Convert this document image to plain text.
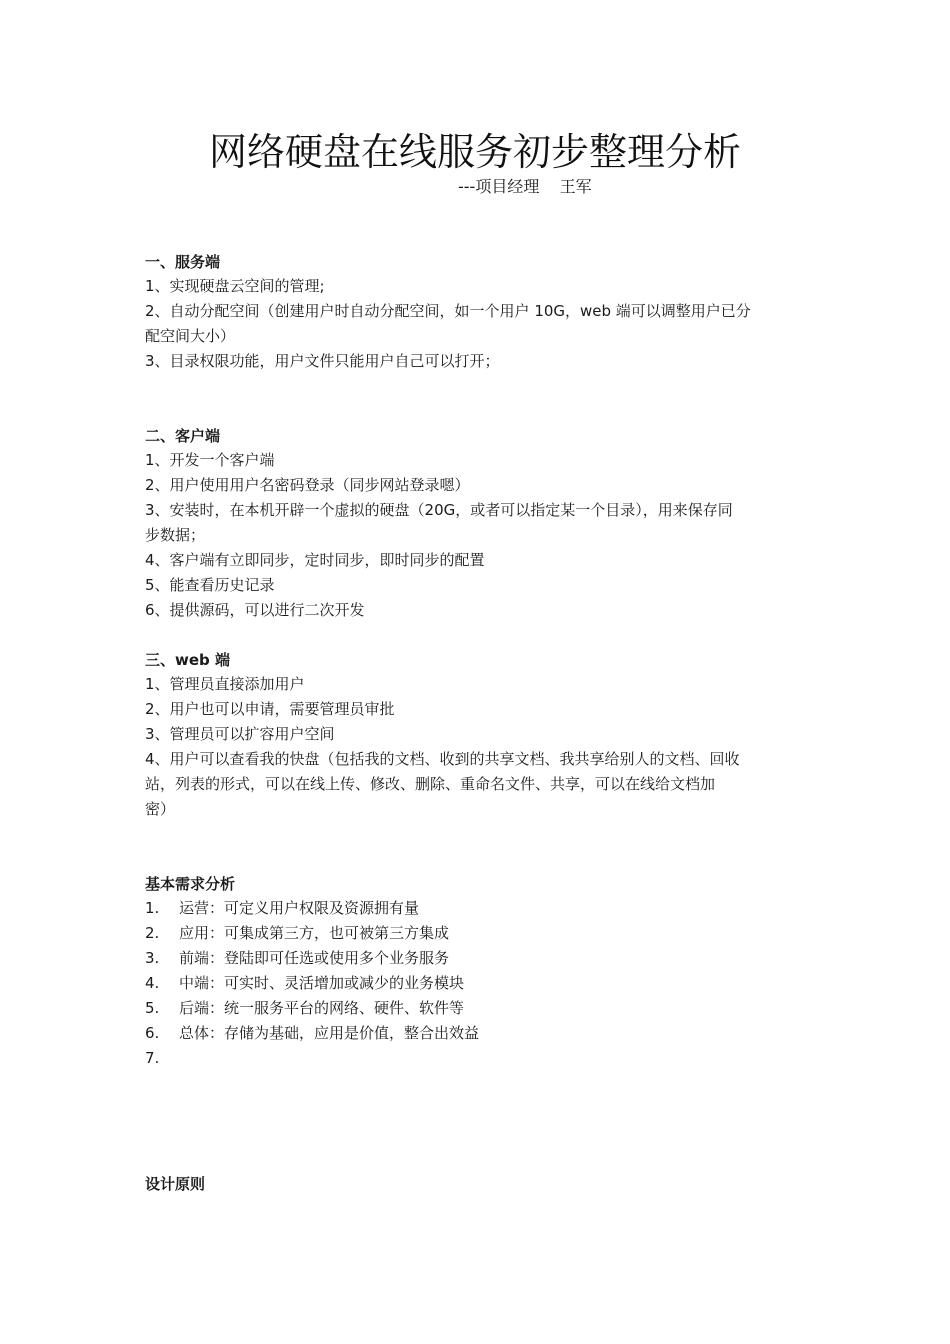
网络硬盘在线服务初步整理分析
---项目经理    王军
一、服务端
1、实现硬盘云空间的管理;
2、自动分配空间（创建用户时自动分配空间，如一个用户 10G，web 端可以调整用户已分
配空间大小）
3、目录权限功能，用户文件只能用户自己可以打开；
二、客户端
1、开发一个客户端
2、用户使用用户名密码登录（同步网站登录嗯）
3、安装时，在本机开辟一个虚拟的硬盘（20G，或者可以指定某一个目录），用来保存同
步数据；
4、客户端有立即同步，定时同步，即时同步的配置
5、能查看历史记录
6、提供源码，可以进行二次开发
三、web 端
1、管理员直接添加用户
2、用户也可以申请，需要管理员审批
3、管理员可以扩容用户空间
4、用户可以查看我的快盘（包括我的文档、收到的共享文档、我共享给别人的文档、回收
站，列表的形式，可以在线上传、修改、删除、重命名文件、共享，可以在线给文档加
密）
基本需求分析
1. 运营：可定义用户权限及资源拥有量
2. 应用：可集成第三方，也可被第三方集成
3. 前端：登陆即可任选或使用多个业务服务
4. 中端：可实时、灵活增加或减少的业务模块
5. 后端：统一服务平台的网络、硬件、软件等
6. 总体：存储为基础，应用是价值，整合出效益
7.
设计原则
